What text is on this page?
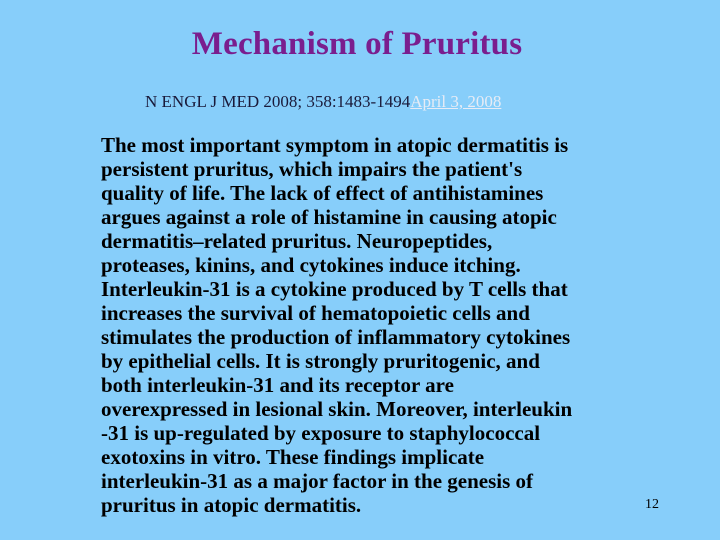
Mechanism of Pruritus
N ENGL J MED 2008; 358:1483-1494April 3, 2008

The most important symptom in atopic dermatitis is
persistent pruritus, which impairs the patient's
quality of life. The lack of effect of antihistamines
argues against a role of histamine in causing atopic
dermatitis–related pruritus. Neuropeptides,
proteases, kinins, and cytokines induce itching.
Interleukin-31 is a cytokine produced by T cells that
increases the survival of hematopoietic cells and
stimulates the production of inflammatory cytokines
by epithelial cells. It is strongly pruritogenic, and
both interleukin-31 and its receptor are
overexpressed in lesional skin. Moreover, interleukin
-31 is up-regulated by exposure to staphylococcal
exotoxins in vitro. These findings implicate
interleukin-31 as a major factor in the genesis of
pruritus in atopic dermatitis.	12
